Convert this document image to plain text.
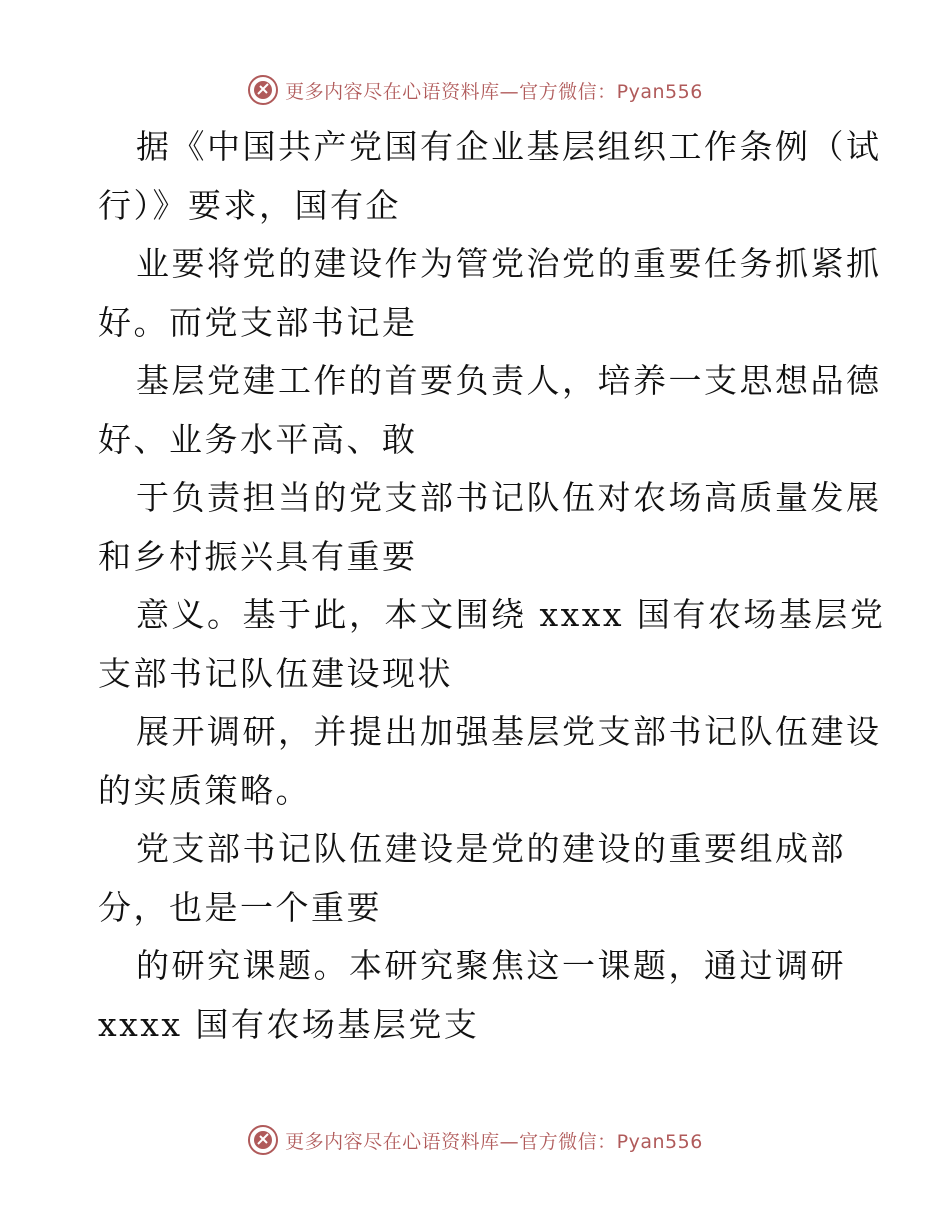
更多内容尽在心语资料库—官方微信：Pyan556
据《中国共产党国有企业基层组织工作条例（试
行）》要求，国有企
业要将党的建设作为管党治党的重要任务抓紧抓
好。而党支部书记是
基层党建工作的首要负责人，培养一支思想品德
好、业务水平高、敢
于负责担当的党支部书记队伍对农场高质量发展
和乡村振兴具有重要
意义。基于此，本文围绕 xxxx 国有农场基层党
支部书记队伍建设现状
展开调研，并提出加强基层党支部书记队伍建设
的实质策略。
党支部书记队伍建设是党的建设的重要组成部
分，也是一个重要
的研究课题。本研究聚焦这一课题，通过调研
xxxx 国有农场基层党支
更多内容尽在心语资料库—官方微信：Pyan556
